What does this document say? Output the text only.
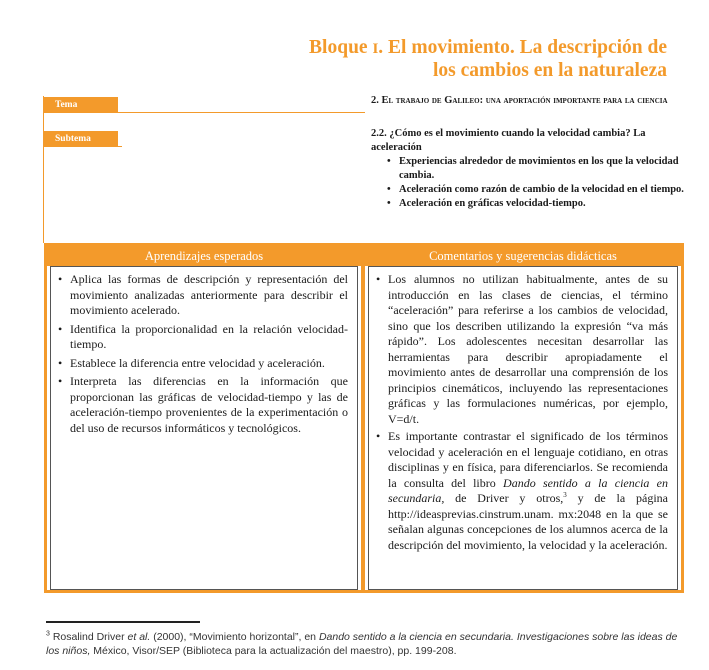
Bloque I. El movimiento. La descripción de
los cambios en la naturaleza
Tema
Subtema
2. El trabajo de Galileo: una aportación importante para la ciencia
2.2. ¿Cómo es el movimiento cuando la velocidad cambia? La aceleración
• Experiencias alrededor de movimientos en los que la velocidad cambia.
• Aceleración como razón de cambio de la velocidad en el tiempo.
• Aceleración en gráficas velocidad-tiempo.
Aprendizajes esperados	Comentarios y sugerencias didácticas
• Aplica las formas de descripción y representación del movimiento analizadas anteriormente para describir el movimiento acelerado.
• Identifica la proporcionalidad en la relación velocidad-tiempo.
• Establece la diferencia entre velocidad y aceleración.
• Interpreta las diferencias en la información que proporcionan las gráficas de velocidad-tiempo y las de aceleración-tiempo provenientes de la experimentación o del uso de recursos informáticos y tecnológicos.
• Los alumnos no utilizan habitualmente, antes de su introducción en las clases de ciencias, el término “aceleración” para referirse a los cambios de velocidad, sino que los describen utilizando la expresión “va más rápido”. Los adolescentes necesitan desarrollar las herramientas para describir apropiadamente el movimiento antes de desarrollar una comprensión de los principios cinemáticos, incluyendo las representaciones gráficas y las formulaciones numéricas, por ejemplo, V=d/t.
• Es importante contrastar el significado de los términos velocidad y aceleración en el lenguaje cotidiano, en otras disciplinas y en física, para diferenciarlos. Se recomienda la consulta del libro Dando sentido a la ciencia en secundaria, de Driver y otros,$^3$ y de la página http://ideasprevias.cinstrum.unam. mx:2048 en la que se señalan algunas concepciones de los alumnos acerca de la descripción del movimiento, la velocidad y la aceleración.
$^3$ Rosalind Driver et al. (2000), “Movimiento horizontal”, en Dando sentido a la ciencia en secundaria. Investigaciones sobre las ideas de los niños, México, Visor/SEP (Biblioteca para la actualización del maestro), pp. 199-208.
